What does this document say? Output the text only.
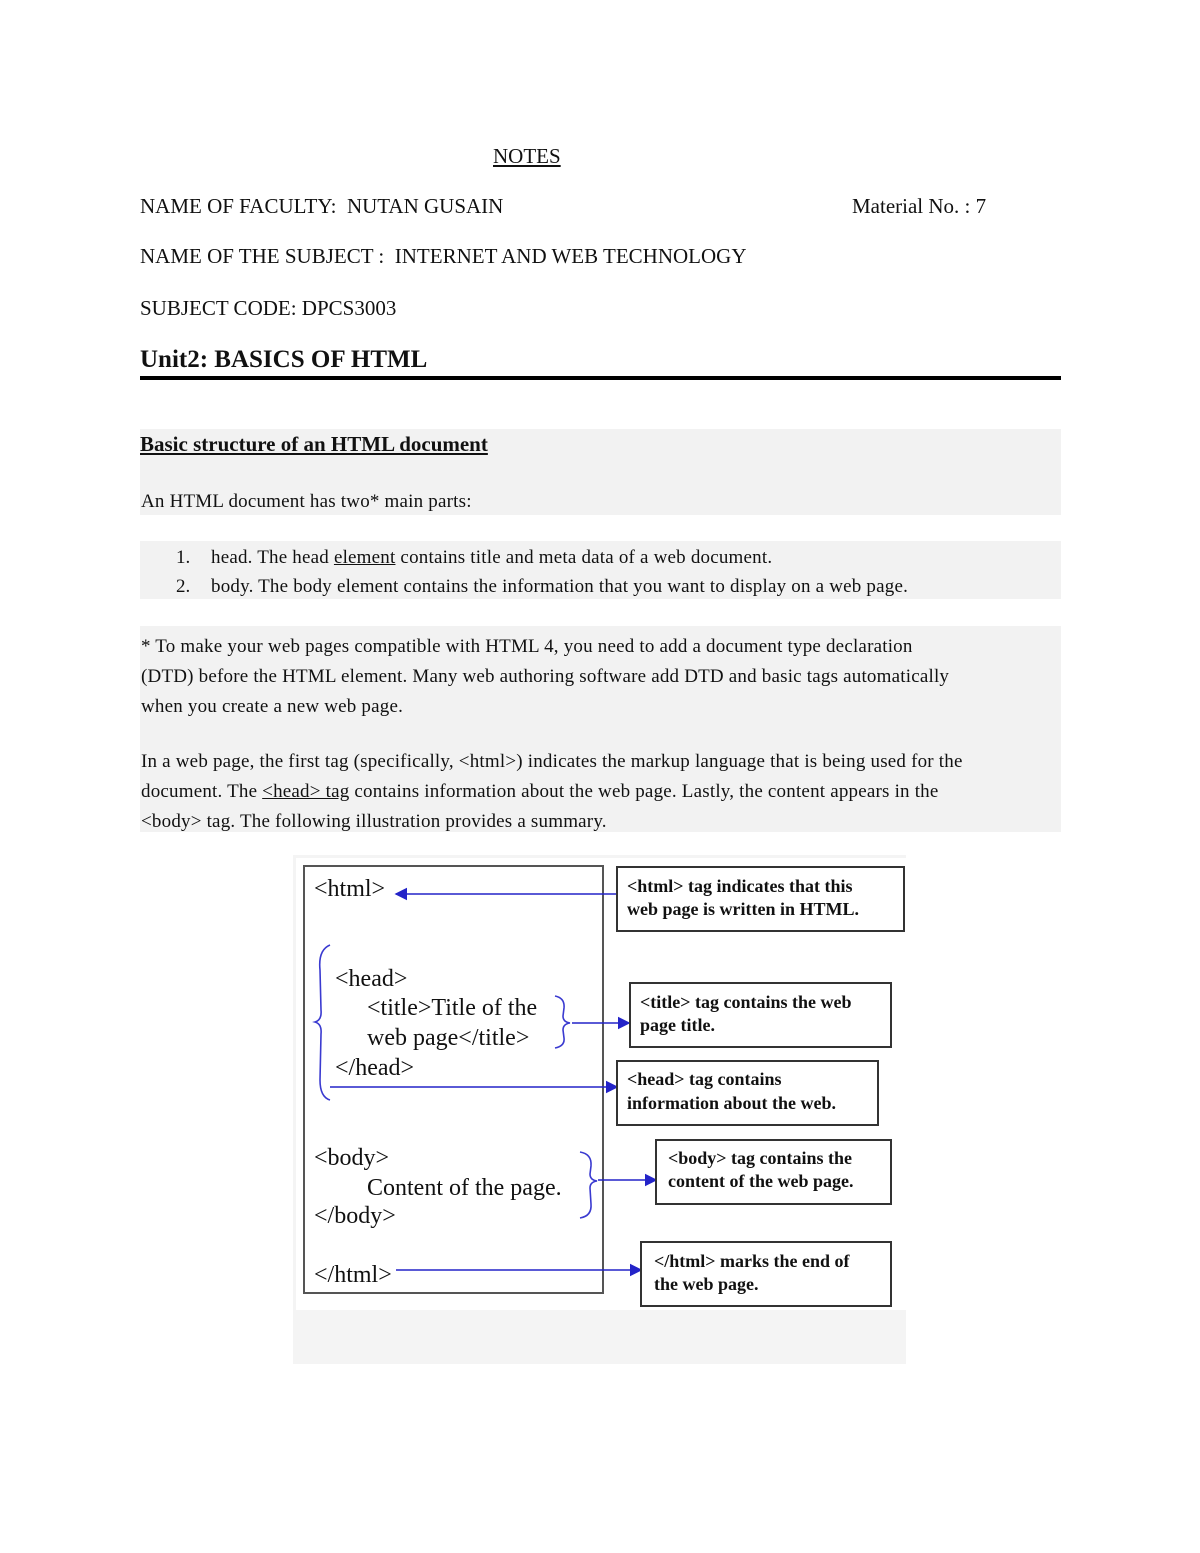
NOTES
NAME OF FACULTY: NUTAN GUSAIN	Material No. : 7
NAME OF THE SUBJECT : INTERNET AND WEB TECHNOLOGY
SUBJECT CODE: DPCS3003
Unit2: BASICS OF HTML
Basic structure of an HTML document
An HTML document has two* main parts:
1. head. The head element contains title and meta data of a web document.
2. body. The body element contains the information that you want to display on a web page.
* To make your web pages compatible with HTML 4, you need to add a document type declaration
(DTD) before the HTML element. Many web authoring software add DTD and basic tags automatically
when you create a new web page.
In a web page, the first tag (specifically, <html>) indicates the markup language that is being used for the
document. The <head> tag contains information about the web page. Lastly, the content appears in the
<body> tag. The following illustration provides a summary.
<html>
<head>
<title>Title of the
web page</title>
</head>
<body>
Content of the page.
</body>
</html>
<html> tag indicates that this
web page is written in HTML.
<title> tag contains the web
page title.
<head> tag contains
information about the web.
<body> tag contains the
content of the web page.
</html> marks the end of
the web page.
